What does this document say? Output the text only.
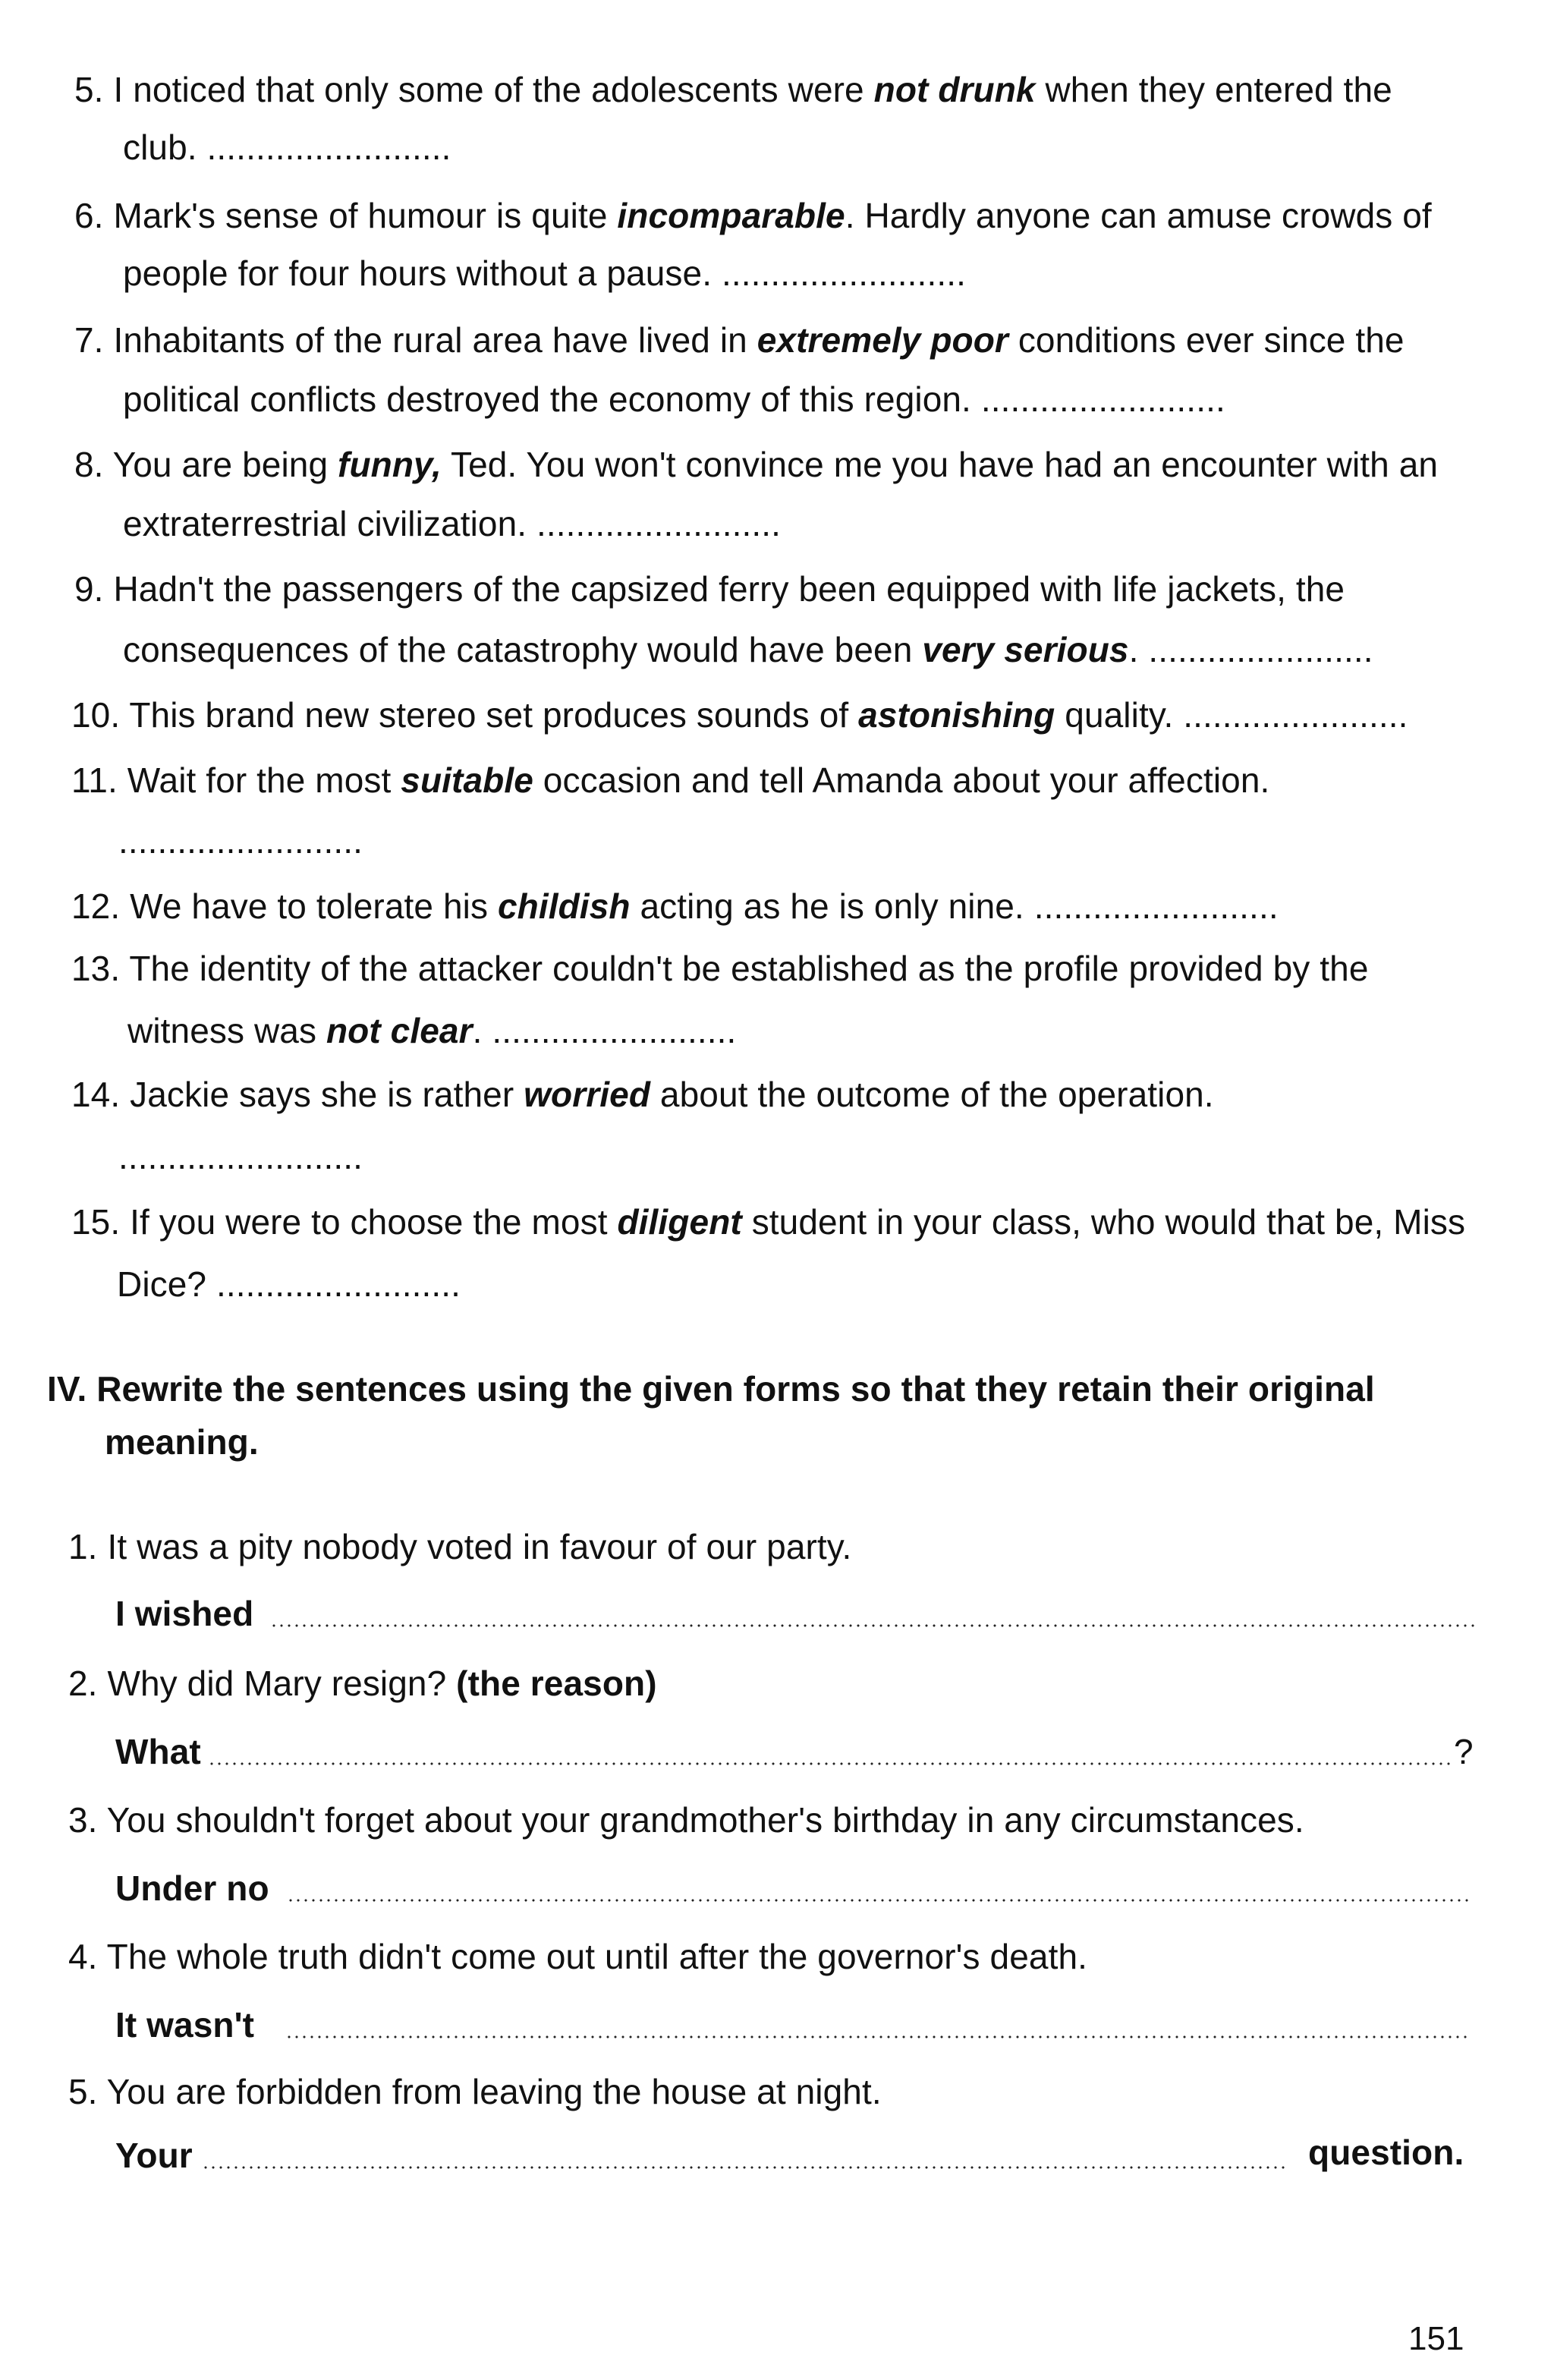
5. I noticed that only some of the adolescents were not drunk when they entered the
club. .........................
6. Mark's sense of humour is quite incomparable. Hardly anyone can amuse crowds of
people for four hours without a pause. .........................
7. Inhabitants of the rural area have lived in extremely poor conditions ever since the
political conflicts destroyed the economy of this region. .........................
8. You are being funny, Ted. You won't convince me you have had an encounter with an
extraterrestrial civilization. .........................
9. Hadn't the passengers of the capsized ferry been equipped with life jackets, the
consequences of the catastrophy would have been very serious. .......................
10. This brand new stereo set produces sounds of astonishing quality. .......................
11. Wait for the most suitable occasion and tell Amanda about your affection.
.........................
12. We have to tolerate his childish acting as he is only nine. .........................
13. The identity of the attacker couldn't be established as the profile provided by the
witness was not clear. .........................
14. Jackie says she is rather worried about the outcome of the operation.
.........................
15. If you were to choose the most diligent student in your class, who would that be, Miss
Dice? .........................
IV. Rewrite the sentences using the given forms so that they retain their original
meaning.
1. It was a pity nobody voted in favour of our party.
I wished
2. Why did Mary resign? (the reason)
What	?
3. You shouldn't forget about your grandmother's birthday in any circumstances.
Under no
4. The whole truth didn't come out until after the governor's death.
It wasn't
5. You are forbidden from leaving the house at night.
Your	question.
151
